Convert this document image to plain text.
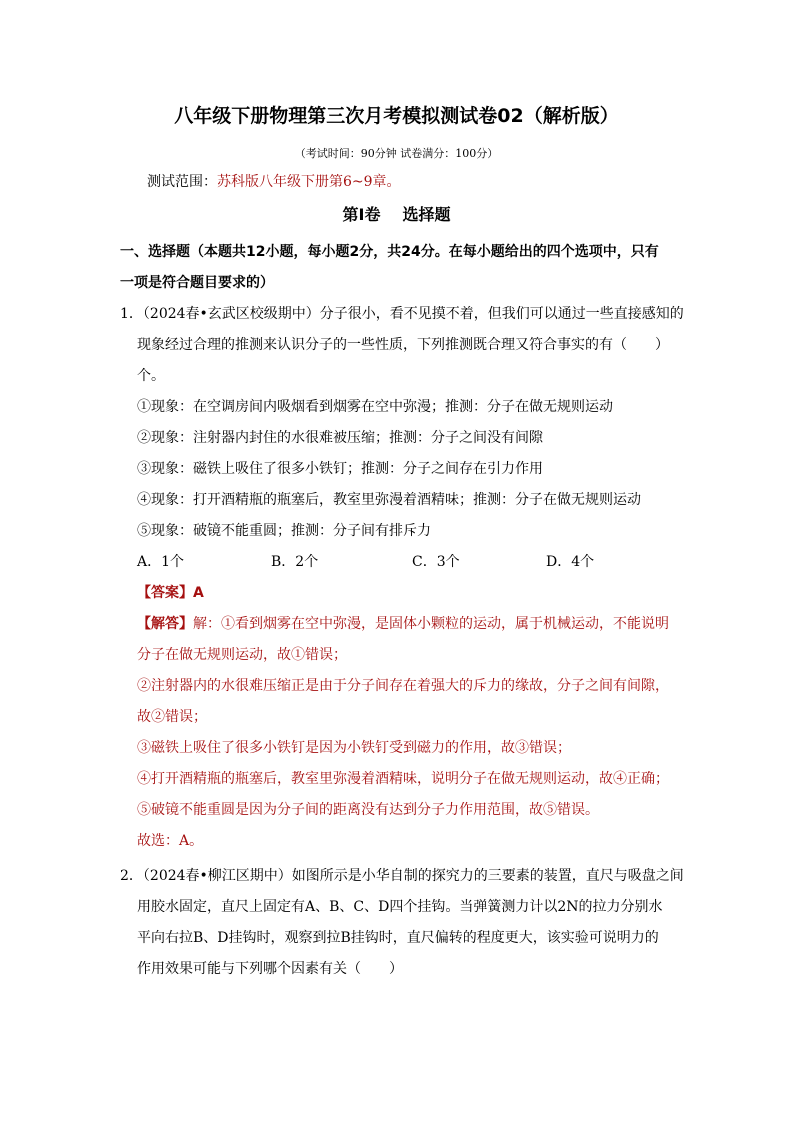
八年级下册物理第三次月考模拟测试卷02（解析版）
（考试时间：90分钟 试卷满分：100分）
测试范围：苏科版八年级下册第6~9章。
第Ⅰ卷 选择题
一、选择题（本题共12小题，每小题2分，共24分。在每小题给出的四个选项中，只有
一项是符合题目要求的）
1．（2024春•玄武区校级期中）分子很小，看不见摸不着，但我们可以通过一些直接感知的
现象经过合理的推测来认识分子的一些性质，下列推测既合理又符合事实的有（　　）
个。
①现象：在空调房间内吸烟看到烟雾在空中弥漫；推测：分子在做无规则运动
②现象：注射器内封住的水很难被压缩；推测：分子之间没有间隙
③现象：磁铁上吸住了很多小铁钉；推测：分子之间存在引力作用
④现象：打开酒精瓶的瓶塞后，教室里弥漫着酒精味；推测：分子在做无规则运动
⑤现象：破镜不能重圆；推测：分子间有排斥力
A．1个	B．2个	C．3个	D．4个
【答案】A
【解答】解：①看到烟雾在空中弥漫，是固体小颗粒的运动，属于机械运动，不能说明
分子在做无规则运动，故①错误；
②注射器内的水很难压缩正是由于分子间存在着强大的斥力的缘故，分子之间有间隙，
故②错误；
③磁铁上吸住了很多小铁钉是因为小铁钉受到磁力的作用，故③错误；
④打开酒精瓶的瓶塞后，教室里弥漫着酒精味，说明分子在做无规则运动，故④正确；
⑤破镜不能重圆是因为分子间的距离没有达到分子力作用范围，故⑤错误。
故选：A。
2．（2024春•柳江区期中）如图所示是小华自制的探究力的三要素的装置，直尺与吸盘之间
用胶水固定，直尺上固定有A、B、C、D四个挂钩。当弹簧测力计以2N的拉力分别水
平向右拉B、D挂钩时，观察到拉B挂钩时，直尺偏转的程度更大，该实验可说明力的
作用效果可能与下列哪个因素有关（　　）
